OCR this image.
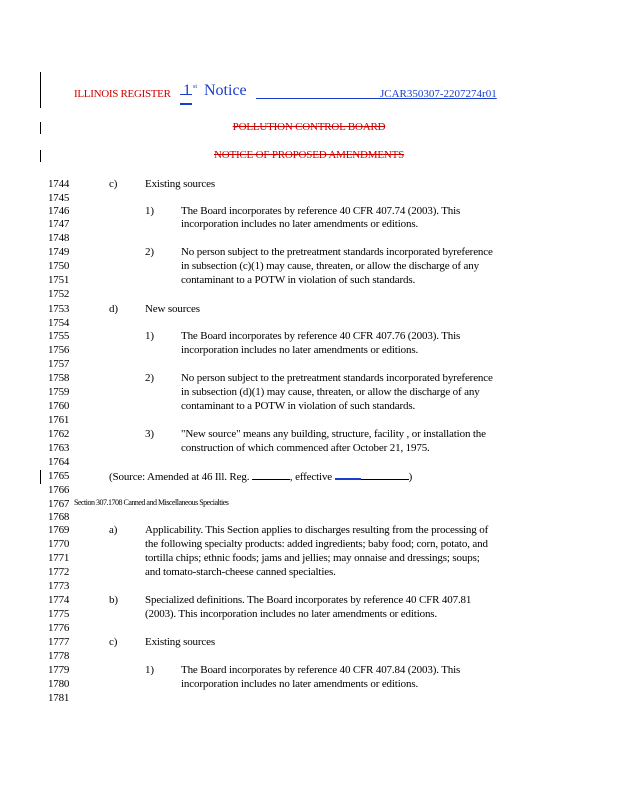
ILLINOIS REGISTER 1 st Notice	JCAR350307-2207274r01
POLLUTION CONTROL BOARD
NOTICE OF PROPOSED AMENDMENTS
1744
1745
1746
1747
1748
1749
1750
1751
1752
1753
1754
1755
1756
1757
1758
1759
1760
1761
1762
1763
1764
1765
1766
1767
1768
1769
1770
1771
1772
1773
1774
1775
1776
1777
1778
1779
1780
1781
c)	Existing sources
1) The Board incorporates by reference 40 CFR 407.74 (2003). This
incorporation includes no later amendments or editions.
2) No person subject to the pretreatment standards incorporated byreference
in subsection (c)(1) may cause, threaten, or allow the discharge of any
contaminant to a POTW in violation of such standards.
d) New sources
1) The Board incorporates by reference 40 CFR 407.76 (2003). This
incorporation includes no later amendments or editions.
2) No person subject to the pretreatment standards incorporated byreference
in subsection (d)(1) may cause, threaten, or allow the discharge of any
contaminant to a POTW in violation of such standards.
3) "New source" means any building, structure, facility , or installation the
construction of which commenced after October 21, 1975.
(Source: Amended at 46 Ill. Reg.	, effective	)
Section 307.1708 Canned and Miscellaneous Specialties
a)	Applicability. This Section applies to discharges resulting from the processing of
the following specialty products: added ingredients; baby food; corn, potato, and
tortilla chips; ethnic foods; jams and jellies; may onnaise and dressings; soups;
and tomato-starch-cheese canned specialties.
b) Specialized definitions. The Board incorporates by reference 40 CFR 407.81
(2003). This incorporation includes no later amendments or editions.
c)	Existing sources
1) The Board incorporates by reference 40 CFR 407.84 (2003). This
incorporation includes no later amendments or editions.
